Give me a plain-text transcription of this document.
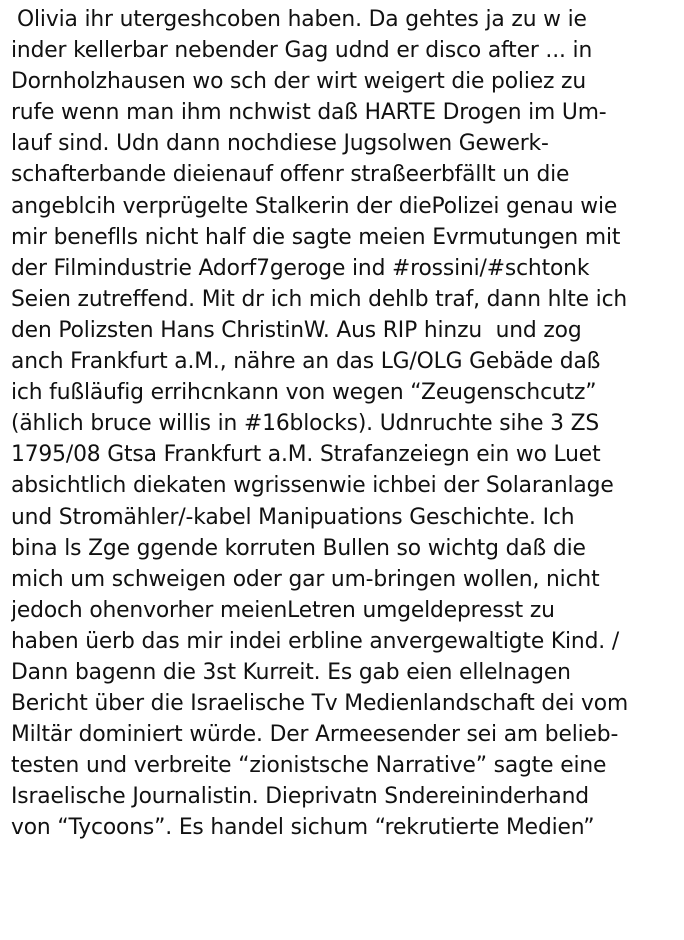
Olivia ihr utergeshcoben haben. Da gehtes ja zu w ie
inder kellerbar nebender Gag udnd er disco after ... in
Dornholzhausen wo sch der wirt weigert die poliez zu
rufe wenn man ihm nchwist daß HARTE Drogen im Um-
lauf sind. Udn dann nochdiese Jugsolwen Gewerk-
schafterbande dieienauf offenr straßeerbfällt un die
angeblcih verprügelte Stalkerin der diePolizei genau wie
mir beneflls nicht half die sagte meien Evrmutungen mit
der Filmindustrie Adorf7geroge ind #rossini/#schtonk
Seien zutreffend. Mit dr ich mich dehlb traf, dann hlte ich
den Polizsten Hans ChristinW. Aus RIP hinzu  und zog
anch Frankfurt a.M., nähre an das LG/OLG Gebäde daß
ich fußläufig errihcnkann von wegen “Zeugenschcutz”
(ählich bruce willis in #16blocks). Udnruchte sihe 3 ZS
1795/08 Gtsa Frankfurt a.M. Strafanzeiegn ein wo Luet
absichtlich diekaten wgrissenwie ichbei der Solaranlage
und Stromähler/-kabel Manipuations Geschichte. Ich
bina ls Zge ggende korruten Bullen so wichtg daß die
mich um schweigen oder gar um-bringen wollen, nicht
jedoch ohenvorher meienLetren umgeldepresst zu
haben üerb das mir indei erbline anvergewaltigte Kind. /
Dann bagenn die 3st Kurreit. Es gab eien ellelnagen
Bericht über die Israelische Tv Medienlandschaft dei vom
Miltär dominiert würde. Der Armeesender sei am belieb-
testen und verbreite “zionistsche Narrative” sagte eine
Israelische Journalistin. Dieprivatn Sndereininderhand
von “Tycoons”. Es handel sichum “rekrutierte Medien”
